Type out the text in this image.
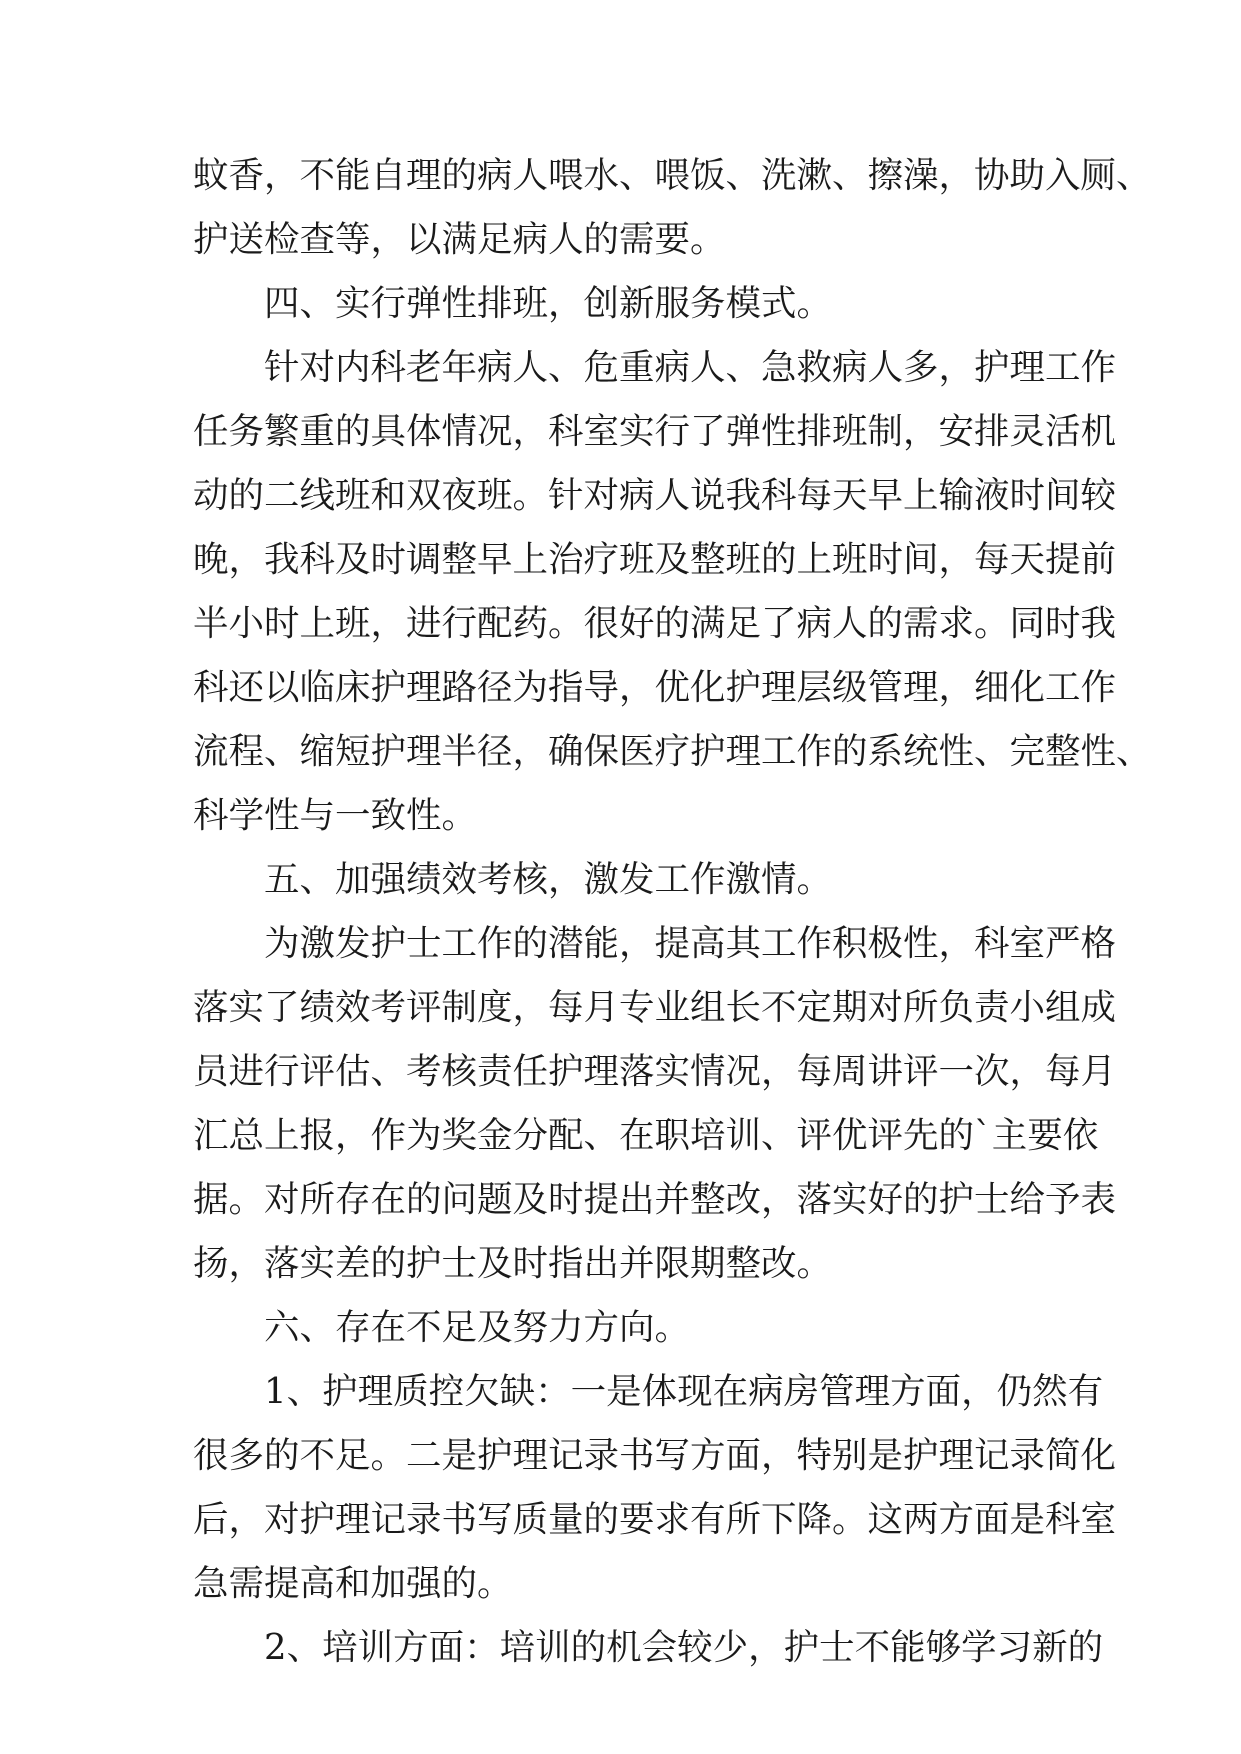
蚊香，不能自理的病人喂水、喂饭、洗漱、擦澡，协助入厕、
护送检查等，以满足病人的需要。
　　四、实行弹性排班，创新服务模式。
　　针对内科老年病人、危重病人、急救病人多，护理工作
任务繁重的具体情况，科室实行了弹性排班制，安排灵活机
动的二线班和双夜班。针对病人说我科每天早上输液时间较
晚，我科及时调整早上治疗班及整班的上班时间，每天提前
半小时上班，进行配药。很好的满足了病人的需求。同时我
科还以临床护理路径为指导，优化护理层级管理，细化工作
流程、缩短护理半径，确保医疗护理工作的系统性、完整性、
科学性与一致性。
　　五、加强绩效考核，激发工作激情。
　　为激发护士工作的潜能，提高其工作积极性，科室严格
落实了绩效考评制度，每月专业组长不定期对所负责小组成
员进行评估、考核责任护理落实情况，每周讲评一次，每月
汇总上报，作为奖金分配、在职培训、评优评先的`主要依
据。对所存在的问题及时提出并整改，落实好的护士给予表
扬，落实差的护士及时指出并限期整改。
　　六、存在不足及努力方向。
　　1、护理质控欠缺：一是体现在病房管理方面，仍然有
很多的不足。二是护理记录书写方面，特别是护理记录简化
后，对护理记录书写质量的要求有所下降。这两方面是科室
急需提高和加强的。
　　2、培训方面：培训的机会较少，护士不能够学习新的
